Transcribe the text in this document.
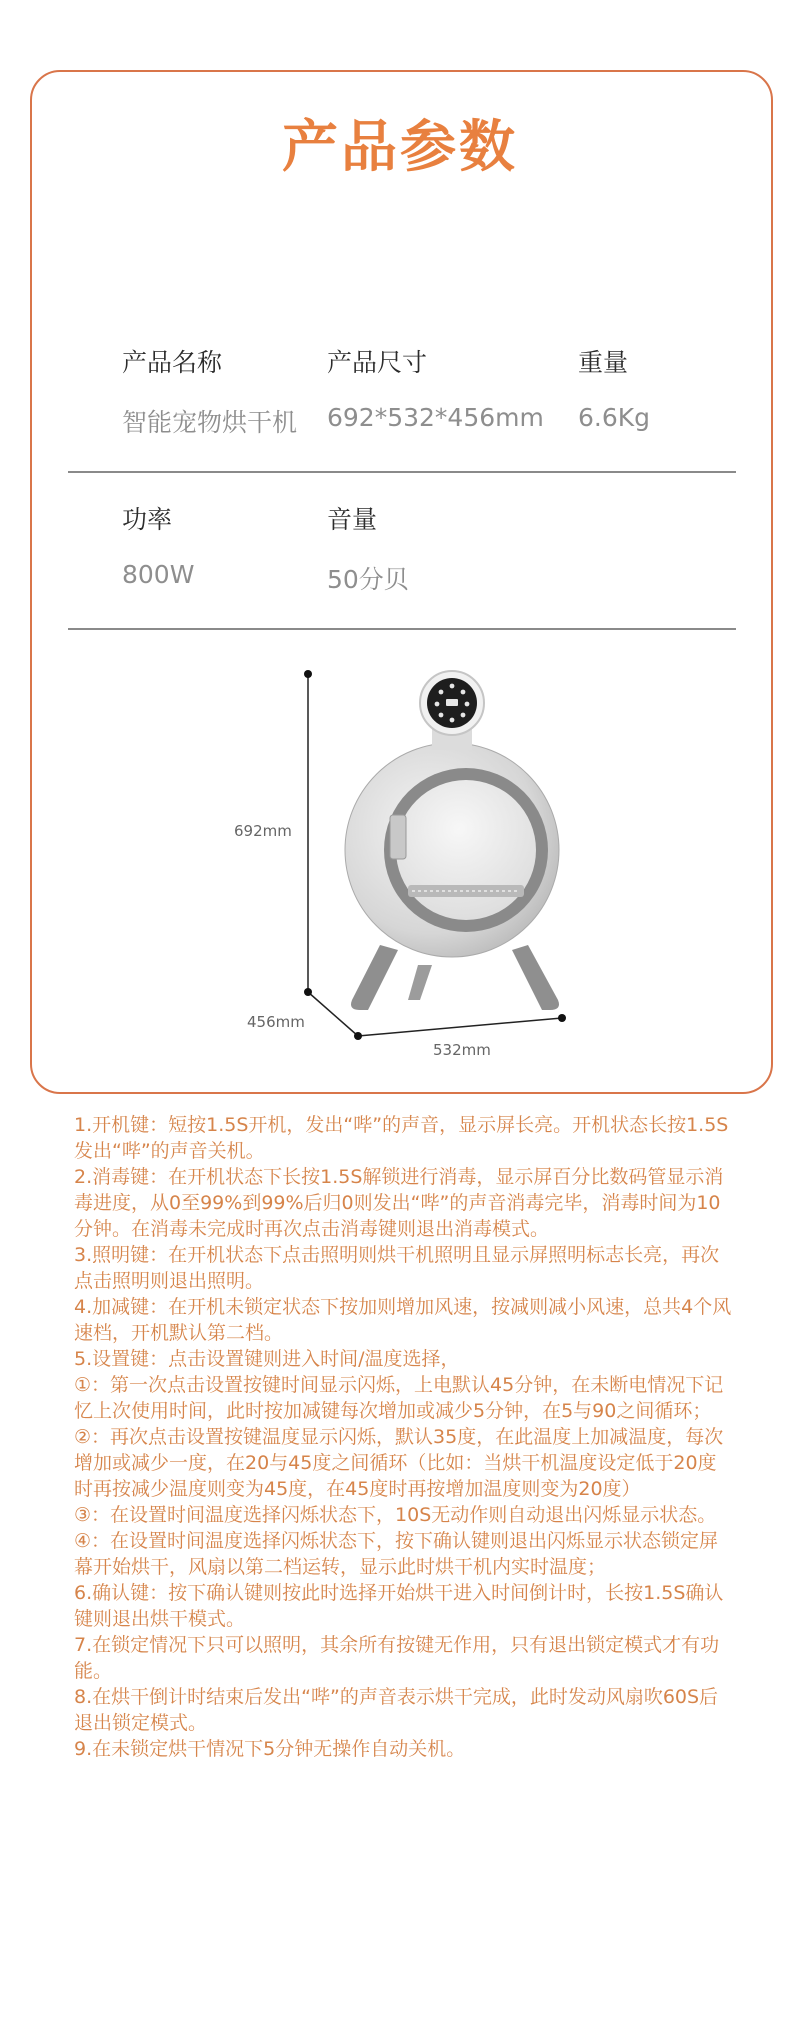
产品参数
产品名称
智能宠物烘干机
产品尺寸
692*532*456mm
重量
6.6Kg
功率
800W
音量
50分贝
692mm
456mm
532mm

1.开机键：短按1.5S开机，发出“哔”的声音，显示屏长亮。开机状态长按1.5S发出“哔”的声音关机。

2.消毒键：在开机状态下长按1.5S解锁进行消毒，显示屏百分比数码管显示消毒进度，从0至99%到99%后归0则发出“哔”的声音消毒完毕，消毒时间为10分钟。在消毒未完成时再次点击消毒键则退出消毒模式。

3.照明键：在开机状态下点击照明则烘干机照明且显示屏照明标志长亮，再次点击照明则退出照明。

4.加减键：在开机未锁定状态下按加则增加风速，按减则减小风速，总共4个风速档，开机默认第二档。

5.设置键：点击设置键则进入时间/温度选择，

①：第一次点击设置按键时间显示闪烁，上电默认45分钟，在未断电情况下记忆上次使用时间，此时按加减键每次增加或减少5分钟，在5与90之间循环；

②：再次点击设置按键温度显示闪烁，默认35度，在此温度上加减温度，每次增加或减少一度，在20与45度之间循环（比如：当烘干机温度设定低于20度时再按减少温度则变为45度，在45度时再按增加温度则变为20度）

③：在设置时间温度选择闪烁状态下，10S无动作则自动退出闪烁显示状态。

④：在设置时间温度选择闪烁状态下，按下确认键则退出闪烁显示状态锁定屏幕开始烘干，风扇以第二档运转，显示此时烘干机内实时温度；

6.确认键：按下确认键则按此时选择开始烘干进入时间倒计时，长按1.5S确认键则退出烘干模式。

7.在锁定情况下只可以照明，其余所有按键无作用，只有退出锁定模式才有功能。

8.在烘干倒计时结束后发出“哔”的声音表示烘干完成，此时发动风扇吹60S后退出锁定模式。

9.在未锁定烘干情况下5分钟无操作自动关机。
